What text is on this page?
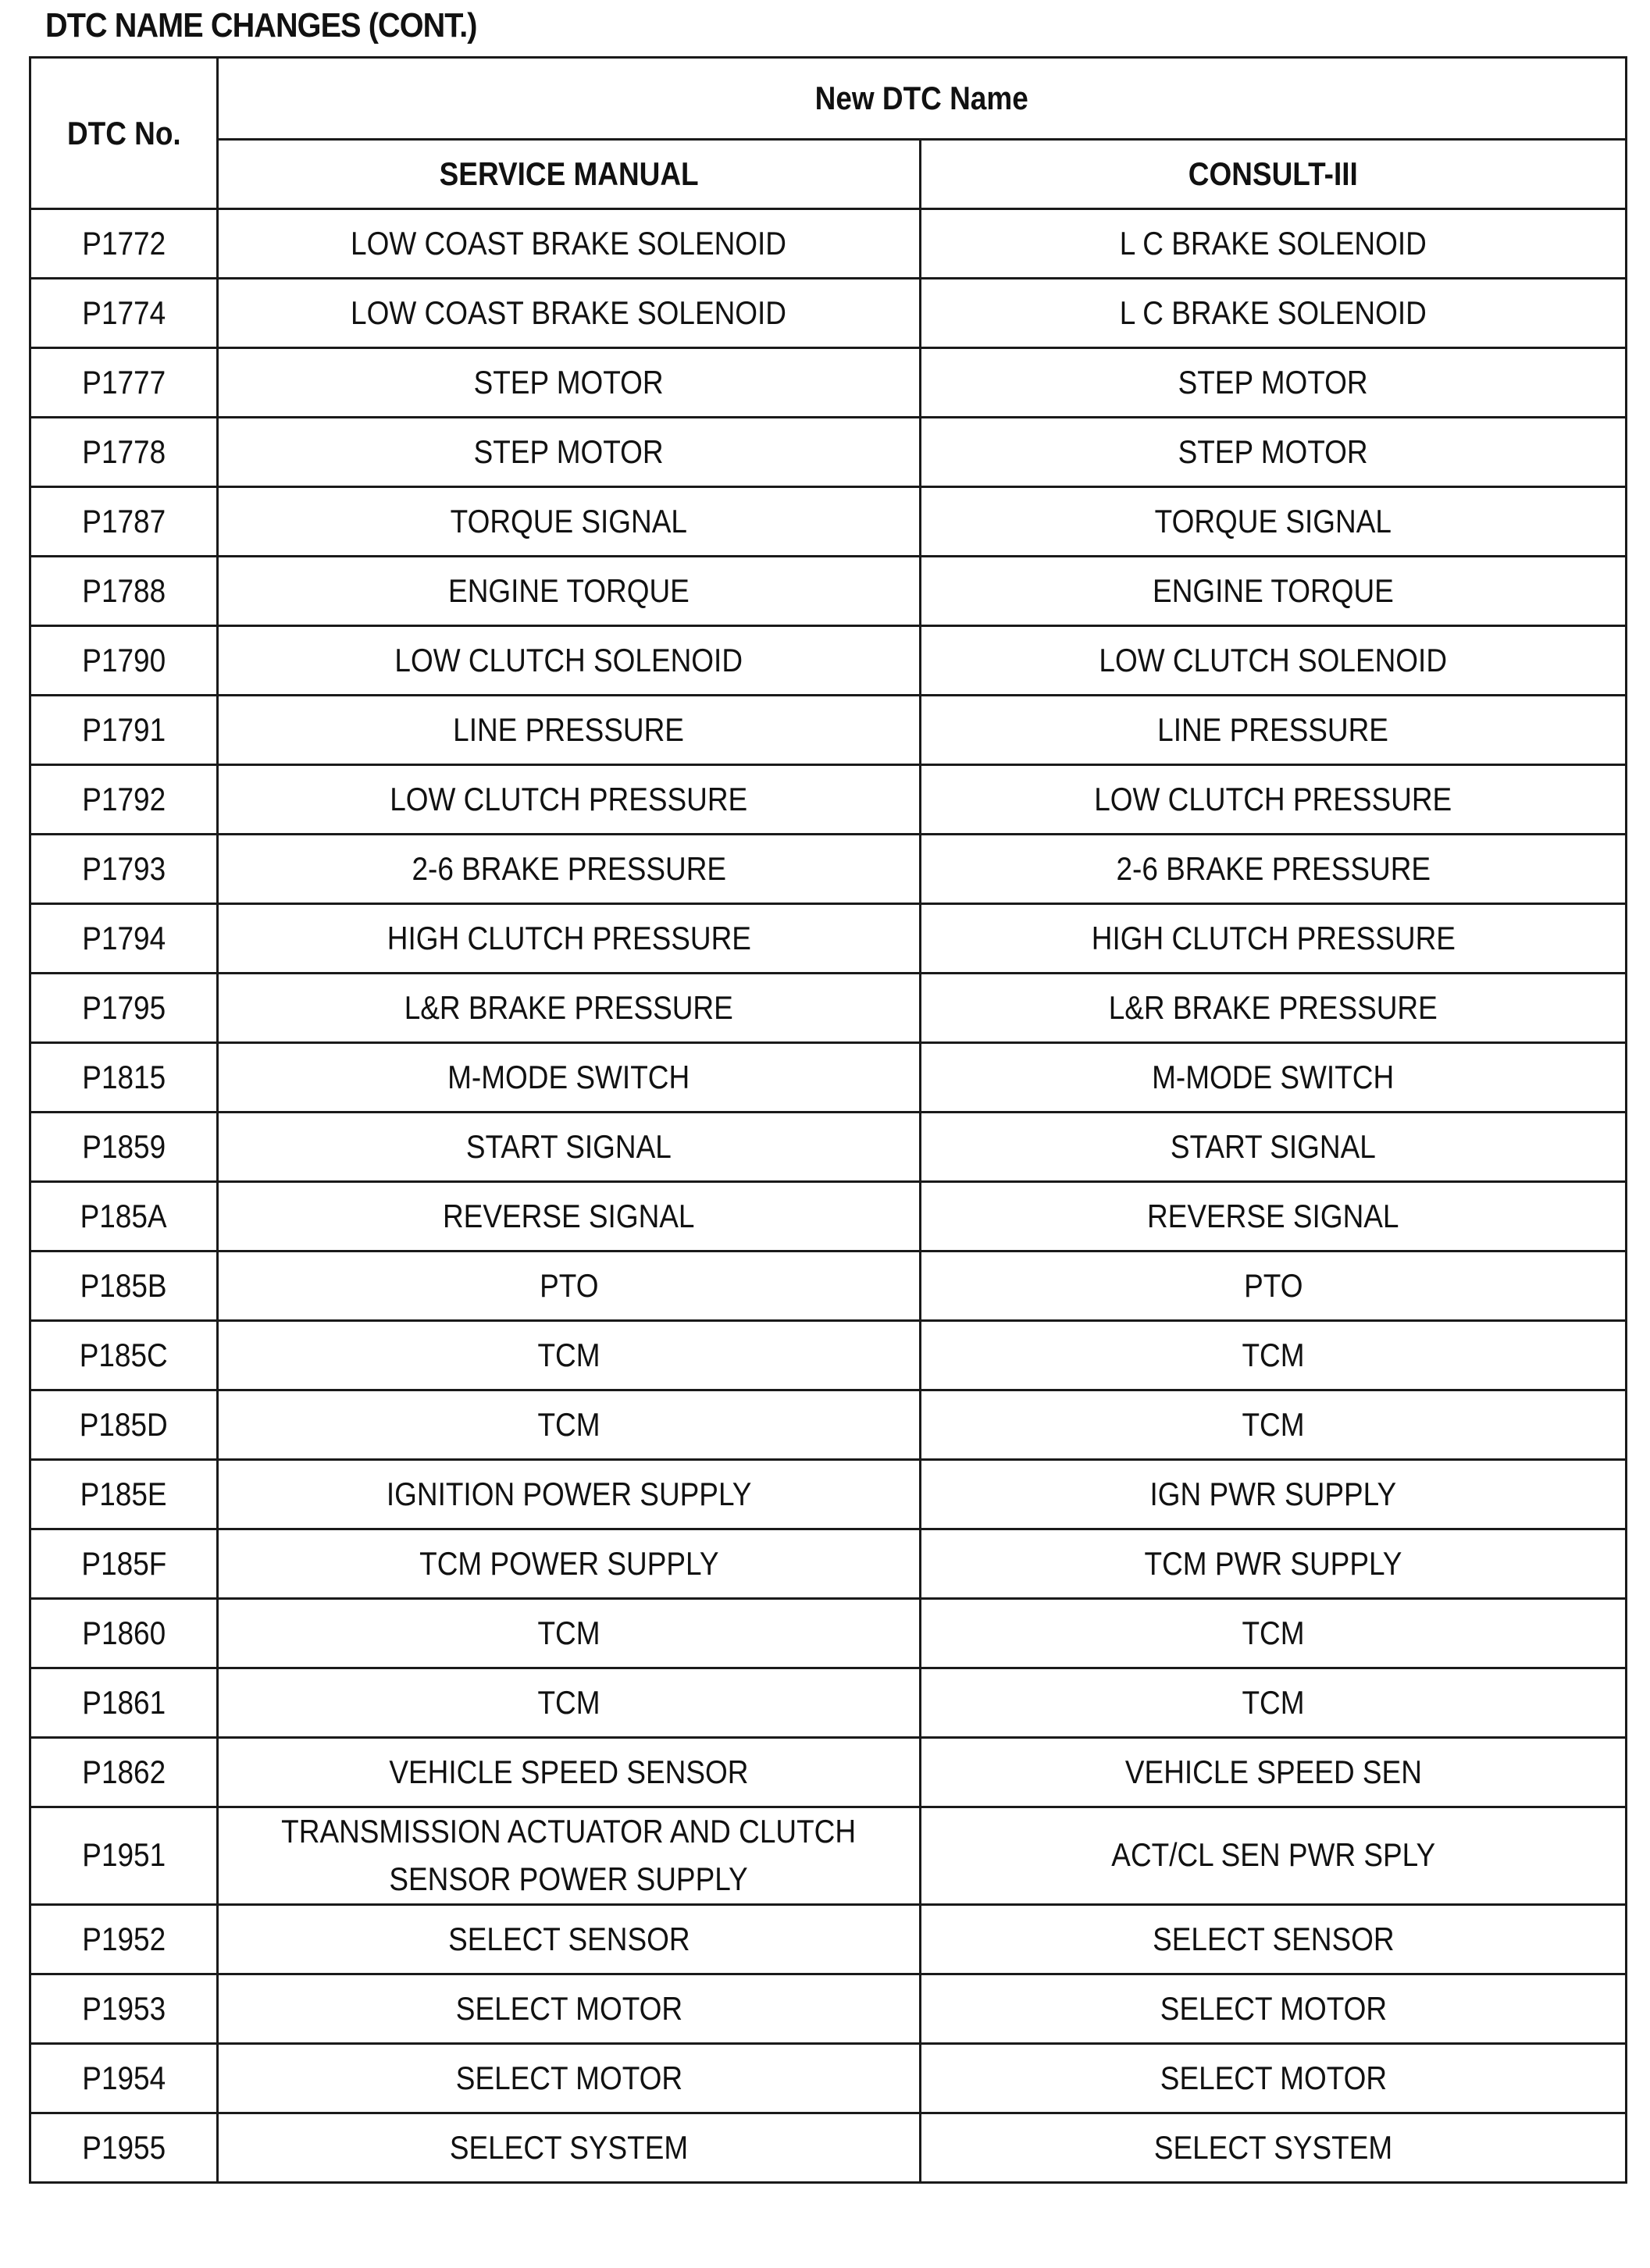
DTC NAME CHANGES (CONT.)
DTC No.	New DTC Name	
	SERVICE MANUAL	CONSULT-III
P1772	LOW COAST BRAKE SOLENOID	L C BRAKE SOLENOID
P1774	LOW COAST BRAKE SOLENOID	L C BRAKE SOLENOID
P1777	STEP MOTOR	STEP MOTOR
P1778	STEP MOTOR	STEP MOTOR
P1787	TORQUE SIGNAL	TORQUE SIGNAL
P1788	ENGINE TORQUE	ENGINE TORQUE
P1790	LOW CLUTCH SOLENOID	LOW CLUTCH SOLENOID
P1791	LINE PRESSURE	LINE PRESSURE
P1792	LOW CLUTCH PRESSURE	LOW CLUTCH PRESSURE
P1793	2-6 BRAKE PRESSURE	2-6 BRAKE PRESSURE
P1794	HIGH CLUTCH PRESSURE	HIGH CLUTCH PRESSURE
P1795	L&R BRAKE PRESSURE	L&R BRAKE PRESSURE
P1815	M-MODE SWITCH	M-MODE SWITCH
P1859	START SIGNAL	START SIGNAL
P185A	REVERSE SIGNAL	REVERSE SIGNAL
P185B	PTO	PTO
P185C	TCM	TCM
P185D	TCM	TCM
P185E	IGNITION POWER SUPPLY	IGN PWR SUPPLY
P185F	TCM POWER SUPPLY	TCM PWR SUPPLY
P1860	TCM	TCM
P1861	TCM	TCM
P1862	VEHICLE SPEED SENSOR	VEHICLE SPEED SEN
P1951	TRANSMISSION ACTUATOR AND CLUTCH
SENSOR POWER SUPPLY	ACT/CL SEN PWR SPLY
P1952	SELECT SENSOR	SELECT SENSOR
P1953	SELECT MOTOR	SELECT MOTOR
P1954	SELECT MOTOR	SELECT MOTOR
P1955	SELECT SYSTEM	SELECT SYSTEM
